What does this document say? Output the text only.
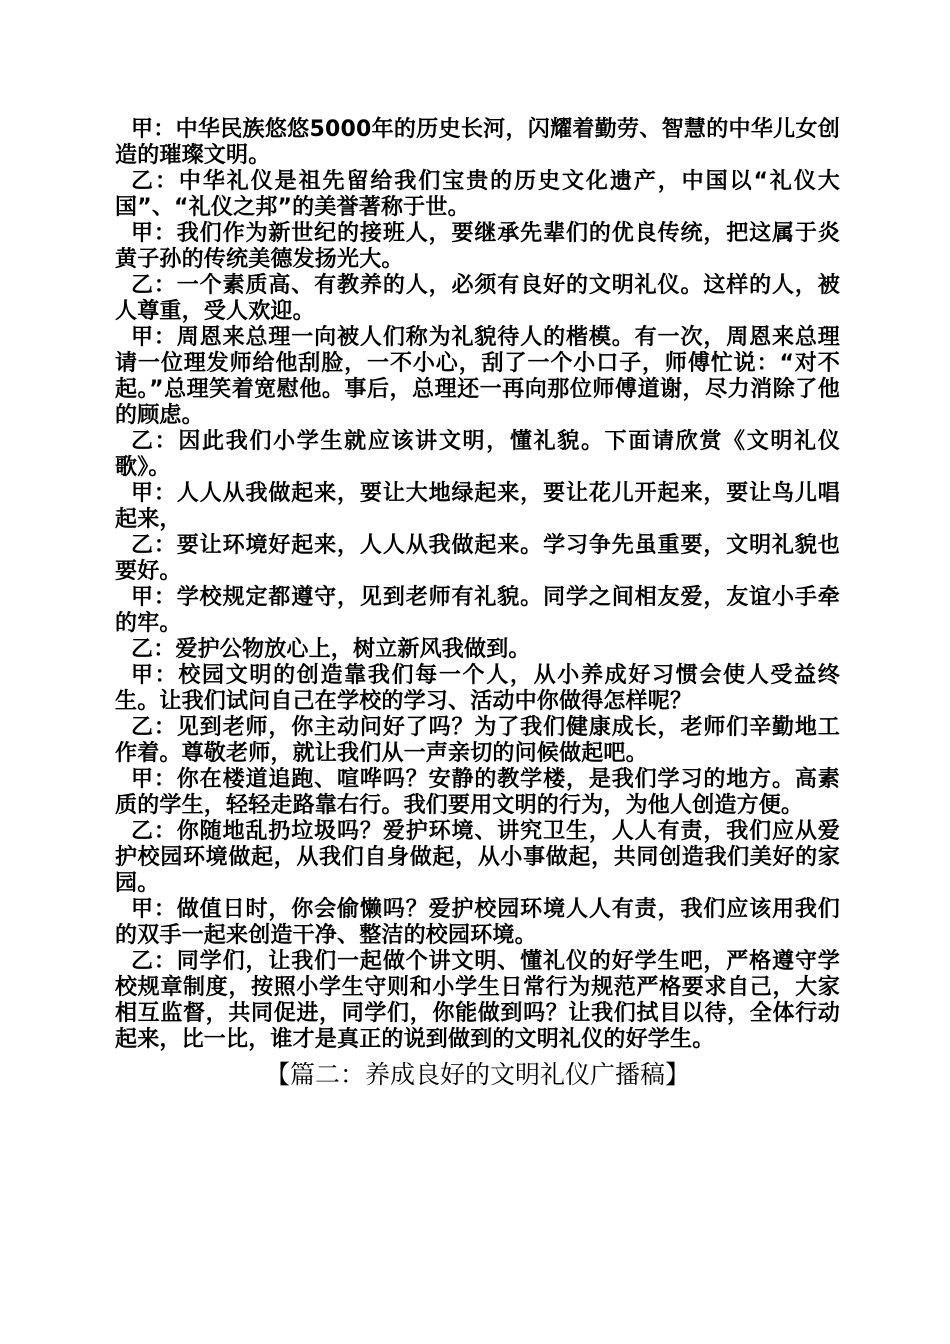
甲：中华民族悠悠5000年的历史长河，闪耀着勤劳、智慧的中华儿女创造的璀璨文明。

乙：中华礼仪是祖先留给我们宝贵的历史文化遗产，中国以“礼仪大国”、“礼仪之邦”的美誉著称于世。

甲：我们作为新世纪的接班人，要继承先辈们的优良传统，把这属于炎黄子孙的传统美德发扬光大。

乙：一个素质高、有教养的人，必须有良好的文明礼仪。这样的人，被人尊重，受人欢迎。

甲：周恩来总理一向被人们称为礼貌待人的楷模。有一次，周恩来总理请一位理发师给他刮脸，一不小心，刮了一个小口子，师傅忙说：“对不起。”总理笑着宽慰他。事后，总理还一再向那位师傅道谢，尽力消除了他的顾虑。

乙：因此我们小学生就应该讲文明，懂礼貌。下面请欣赏《文明礼仪歌》。

甲：人人从我做起来，要让大地绿起来，要让花儿开起来，要让鸟儿唱起来，

乙：要让环境好起来，人人从我做起来。学习争先虽重要，文明礼貌也要好。

甲：学校规定都遵守，见到老师有礼貌。同学之间相友爱，友谊小手牵的牢。

乙：爱护公物放心上，树立新风我做到。

甲：校园文明的创造靠我们每一个人，从小养成好习惯会使人受益终生。让我们试问自己在学校的学习、活动中你做得怎样呢？

乙：见到老师，你主动问好了吗？为了我们健康成长，老师们辛勤地工作着。尊敬老师，就让我们从一声亲切的问候做起吧。

甲：你在楼道追跑、喧哗吗？安静的教学楼，是我们学习的地方。高素质的学生，轻轻走路靠右行。我们要用文明的行为，为他人创造方便。

乙：你随地乱扔垃圾吗？爱护环境、讲究卫生，人人有责，我们应从爱护校园环境做起，从我们自身做起，从小事做起，共同创造我们美好的家园。

甲：做值日时，你会偷懒吗？爱护校园环境人人有责，我们应该用我们的双手一起来创造干净、整洁的校园环境。

乙：同学们，让我们一起做个讲文明、懂礼仪的好学生吧，严格遵守学校规章制度，按照小学生守则和小学生日常行为规范严格要求自己，大家相互监督，共同促进，同学们，你能做到吗？让我们拭目以待，全体行动起来，比一比，谁才是真正的说到做到的文明礼仪的好学生。

【篇二：养成良好的文明礼仪广播稿】
